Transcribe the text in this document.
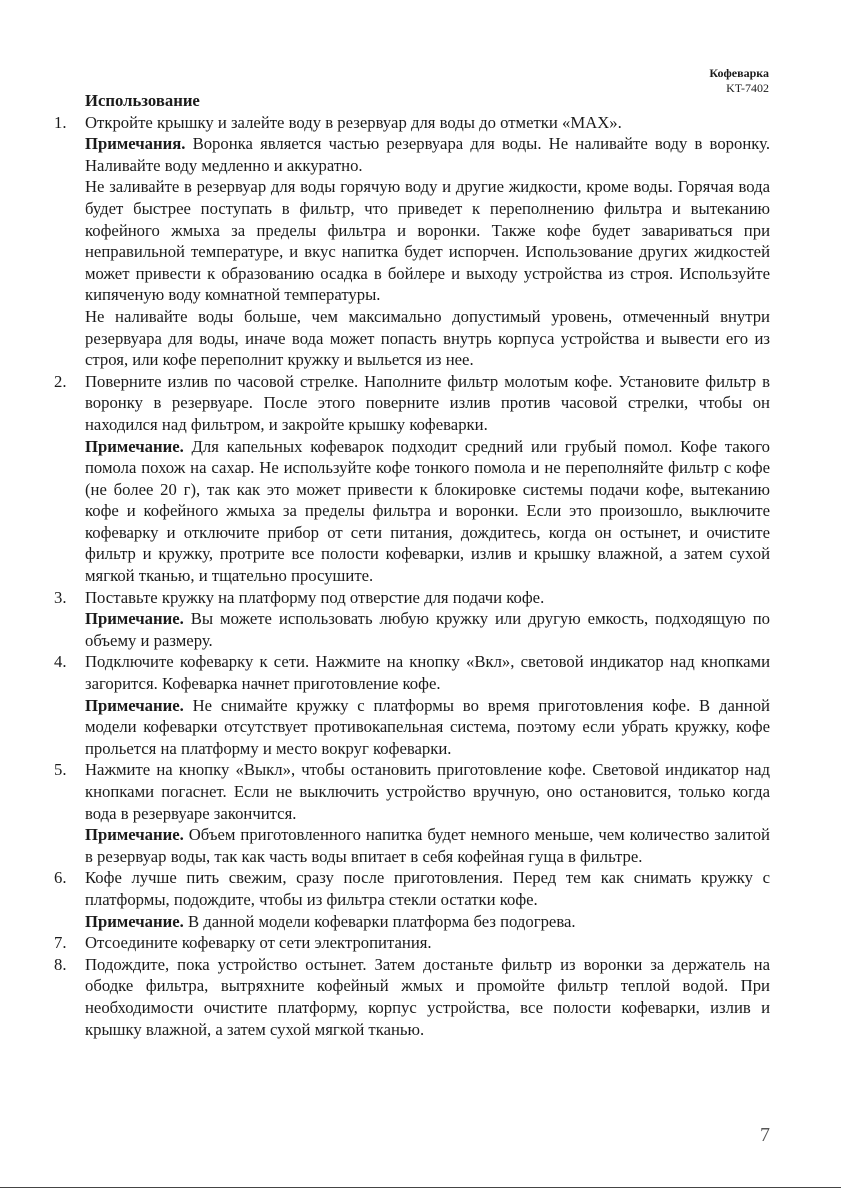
Кофеварка
KT-7402
Использование
1.	Откройте крышку и залейте воду в резервуар для воды до отметки «MAX».
Примечания. Воронка является частью резервуара для воды. Не наливайте воду в воронку. Наливайте воду медленно и аккуратно.
Не заливайте в резервуар для воды горячую воду и другие жидкости, кроме воды. Горячая вода будет быстрее поступать в фильтр, что приведет к переполнению фильтра и вытеканию кофейного жмыха за пределы фильтра и воронки. Также кофе будет завариваться при неправильной температуре, и вкус напитка будет испорчен. Использование других жидкостей может привести к образованию осадка в бойлере и выходу устройства из строя. Используйте кипяченую воду комнатной температуры.
Не наливайте воды больше, чем максимально допустимый уровень, отмеченный внутри резервуара для воды, иначе вода может попасть внутрь корпуса устройства и вывести его из строя, или кофе переполнит кружку и выльется из нее.
2.	Поверните излив по часовой стрелке. Наполните фильтр молотым кофе. Установите фильтр в воронку в резервуаре. После этого поверните излив против часовой стрелки, чтобы он находился над фильтром, и закройте крышку кофеварки.
Примечание. Для капельных кофеварок подходит средний или грубый помол. Кофе такого помола похож на сахар. Не используйте кофе тонкого помола и не переполняйте фильтр с кофе (не более 20 г), так как это может привести к блокировке системы подачи кофе, вытеканию кофе и кофейного жмыха за пределы фильтра и воронки. Если это произошло, выключите кофеварку и отключите прибор от сети питания, дождитесь, когда он остынет, и очистите фильтр и кружку, протрите все полости кофеварки, излив и крышку влажной, а затем сухой мягкой тканью, и тщательно просушите.
3.	Поставьте кружку на платформу под отверстие для подачи кофе.
Примечание. Вы можете использовать любую кружку или другую емкость, подходящую по объему и размеру.
4.	Подключите кофеварку к сети. Нажмите на кнопку «Вкл», световой индикатор над кнопками загорится. Кофеварка начнет приготовление кофе.
Примечание. Не снимайте кружку с платформы во время приготовления кофе. В данной модели кофеварки отсутствует противокапельная система, поэтому если убрать кружку, кофе прольется на платформу и место вокруг кофеварки.
5.	Нажмите на кнопку «Выкл», чтобы остановить приготовление кофе. Световой индикатор над кнопками погаснет. Если не выключить устройство вручную, оно остановится, только когда вода в резервуаре закончится.
Примечание. Объем приготовленного напитка будет немного меньше, чем количество залитой в резервуар воды, так как часть воды впитает в себя кофейная гуща в фильтре.
6.	Кофе лучше пить свежим, сразу после приготовления. Перед тем как снимать кружку с платформы, подождите, чтобы из фильтра стекли остатки кофе.
Примечание. В данной модели кофеварки платформа без подогрева.
7.	Отсоедините кофеварку от сети электропитания.
8.	Подождите, пока устройство остынет. Затем достаньте фильтр из воронки за держатель на ободке фильтра, вытряхните кофейный жмых и промойте фильтр теплой водой. При необходимости очистите платформу, корпус устройства, все полости кофеварки, излив и крышку влажной, а затем сухой мягкой тканью.
7
